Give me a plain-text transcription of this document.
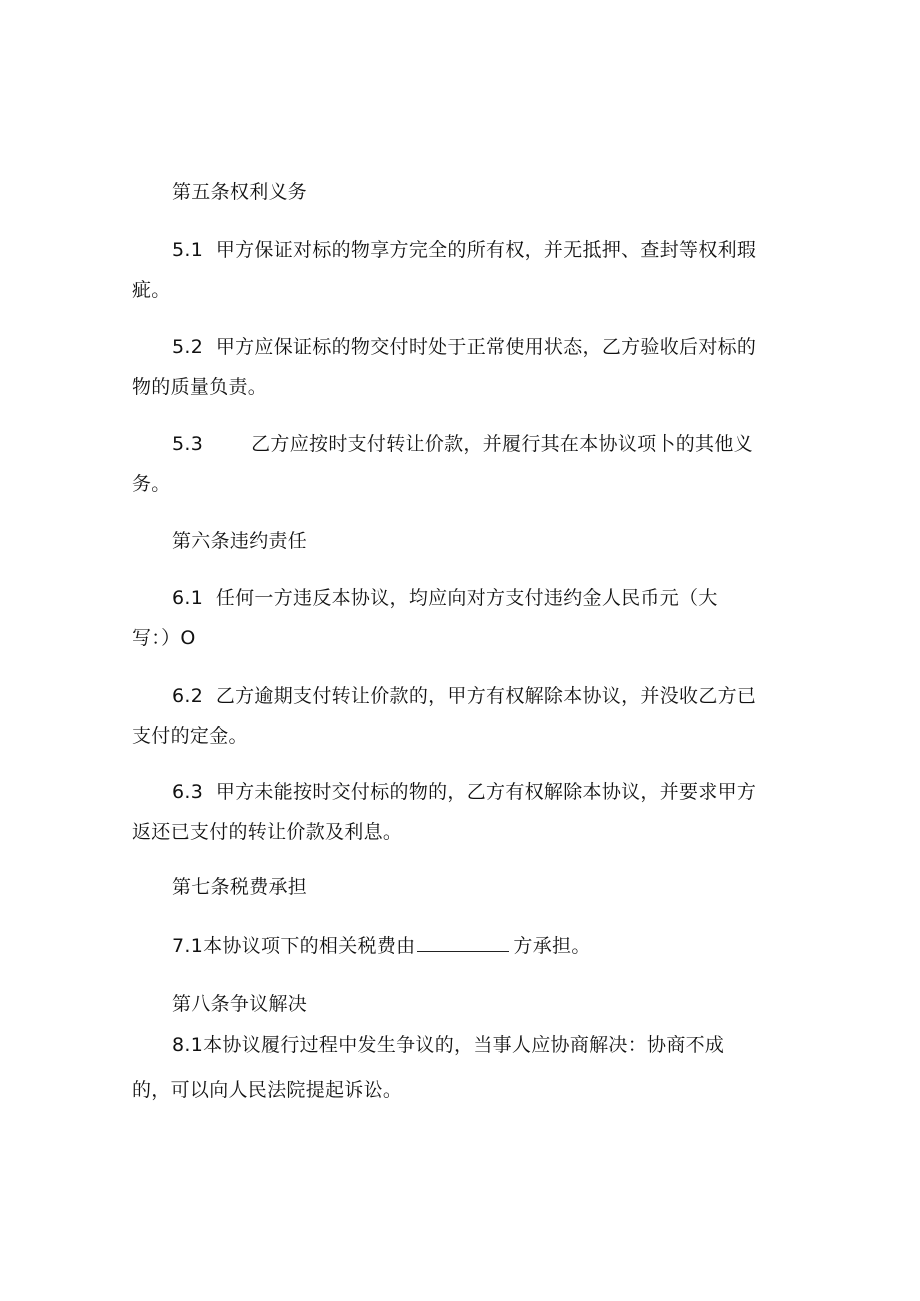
第五条权利义务
5.1 甲方保证对标的物享方完全的所有权，并无抵押、查封等权利瑕
疵。
5.2 甲方应保证标的物交付时处于正常使用状态，乙方验收后对标的
物的质量负责。
5.3	乙方应按时支付转让价款，并履行其在本协议项卜的其他义
务。
第六条违约责任
6.1 任何一方违反本协议，均应向对方支付违约金人民币元（大
写：）O
6.2 乙方逾期支付转让价款的，甲方有权解除本协议，并没收乙方已
支付的定金。
6.3 甲方未能按时交付标的物的，乙方有权解除本协议，并要求甲方
返还已支付的转让价款及利息。
第七条税费承担
7.1本协议项下的相关税费由	方承担。
第八条争议解决
8.1本协议履行过程中发生争议的，当事人应协商解决：协商不成
的，可以向人民法院提起诉讼。
